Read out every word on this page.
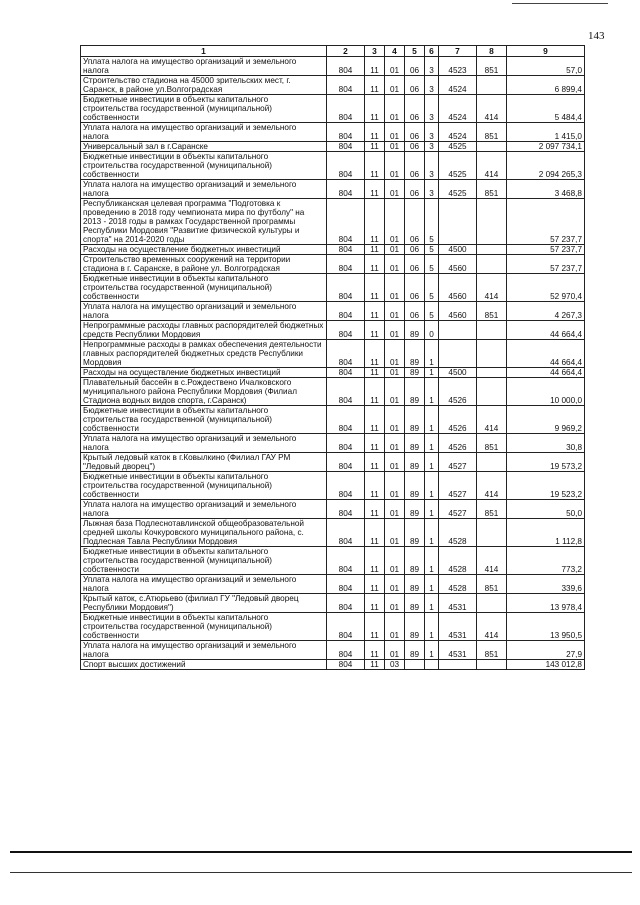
143
1	2	3	4	5	6	7	8	9
Уплата налога на имущество организаций и земельного налога	804	11	01	06	3	4523	851	57,0
Строительство стадиона на 45000 зрительских мест, г. Саранск, в районе ул.Волгоградская	804	11	01	06	3	4524		6 899,4
Бюджетные инвестиции в объекты капитального строительства государственной (муниципальной) собственности	804	11	01	06	3	4524	414	5 484,4
Уплата налога на имущество организаций и земельного налога	804	11	01	06	3	4524	851	1 415,0
Универсальный зал в г.Саранске	804	11	01	06	3	4525		2 097 734,1
Бюджетные инвестиции в объекты капитального строительства государственной (муниципальной) собственности	804	11	01	06	3	4525	414	2 094 265,3
Уплата налога на имущество организаций и земельного налога	804	11	01	06	3	4525	851	3 468,8
Республиканская целевая программа "Подготовка к проведению в 2018 году чемпионата мира по футболу" на 2013 - 2018 годы в рамках Государственной программы Республики Мордовия "Развитие физической культуры и спорта" на 2014-2020 годы	804	11	01	06	5			57 237,7
Расходы на осуществление бюджетных инвестиций	804	11	01	06	5	4500		57 237,7
Строительство временных сооружений на территории стадиона в г. Саранске, в районе ул. Волгоградская	804	11	01	06	5	4560		57 237,7
Бюджетные инвестиции в объекты капитального строительства государственной (муниципальной) собственности	804	11	01	06	5	4560	414	52 970,4
Уплата налога на имущество организаций и земельного налога	804	11	01	06	5	4560	851	4 267,3
Непрограммные расходы главных распорядителей бюджетных средств Республики Мордовия	804	11	01	89	0			44 664,4
Непрограммные расходы в рамках обеспечения деятельности главных распорядителей бюджетных средств Республики Мордовия	804	11	01	89	1			44 664,4
Расходы на осуществление бюджетных инвестиций	804	11	01	89	1	4500		44 664,4
Плавательный бассейн в с.Рождествено Ичалковского муниципального района Республики Мордовия (Филиал Стадиона водных видов спорта, г.Саранск)	804	11	01	89	1	4526		10 000,0
Бюджетные инвестиции в объекты капитального строительства государственной (муниципальной) собственности	804	11	01	89	1	4526	414	9 969,2
Уплата налога на имущество организаций и земельного налога	804	11	01	89	1	4526	851	30,8
Крытый ледовый каток в г.Ковылкино (Филиал ГАУ РМ "Ледовый дворец")	804	11	01	89	1	4527		19 573,2
Бюджетные инвестиции в объекты капитального строительства государственной (муниципальной) собственности	804	11	01	89	1	4527	414	19 523,2
Уплата налога на имущество организаций и земельного налога	804	11	01	89	1	4527	851	50,0
Лыжная база Подлеснотавлинской общеобразовательной средней школы Кочкуровского муниципального района, с. Подлесная Тавла Республики Мордовия	804	11	01	89	1	4528		1 112,8
Бюджетные инвестиции в объекты капитального строительства государственной (муниципальной) собственности	804	11	01	89	1	4528	414	773,2
Уплата налога на имущество организаций и земельного налога	804	11	01	89	1	4528	851	339,6
Крытый каток, с.Атюрьево (филиал ГУ "Ледовый дворец Республики Мордовия")	804	11	01	89	1	4531		13 978,4
Бюджетные инвестиции в объекты капитального строительства государственной (муниципальной) собственности	804	11	01	89	1	4531	414	13 950,5
Уплата налога на имущество организаций и земельного налога	804	11	01	89	1	4531	851	27,9
Спорт высших достижений	804	11	03					143 012,8
